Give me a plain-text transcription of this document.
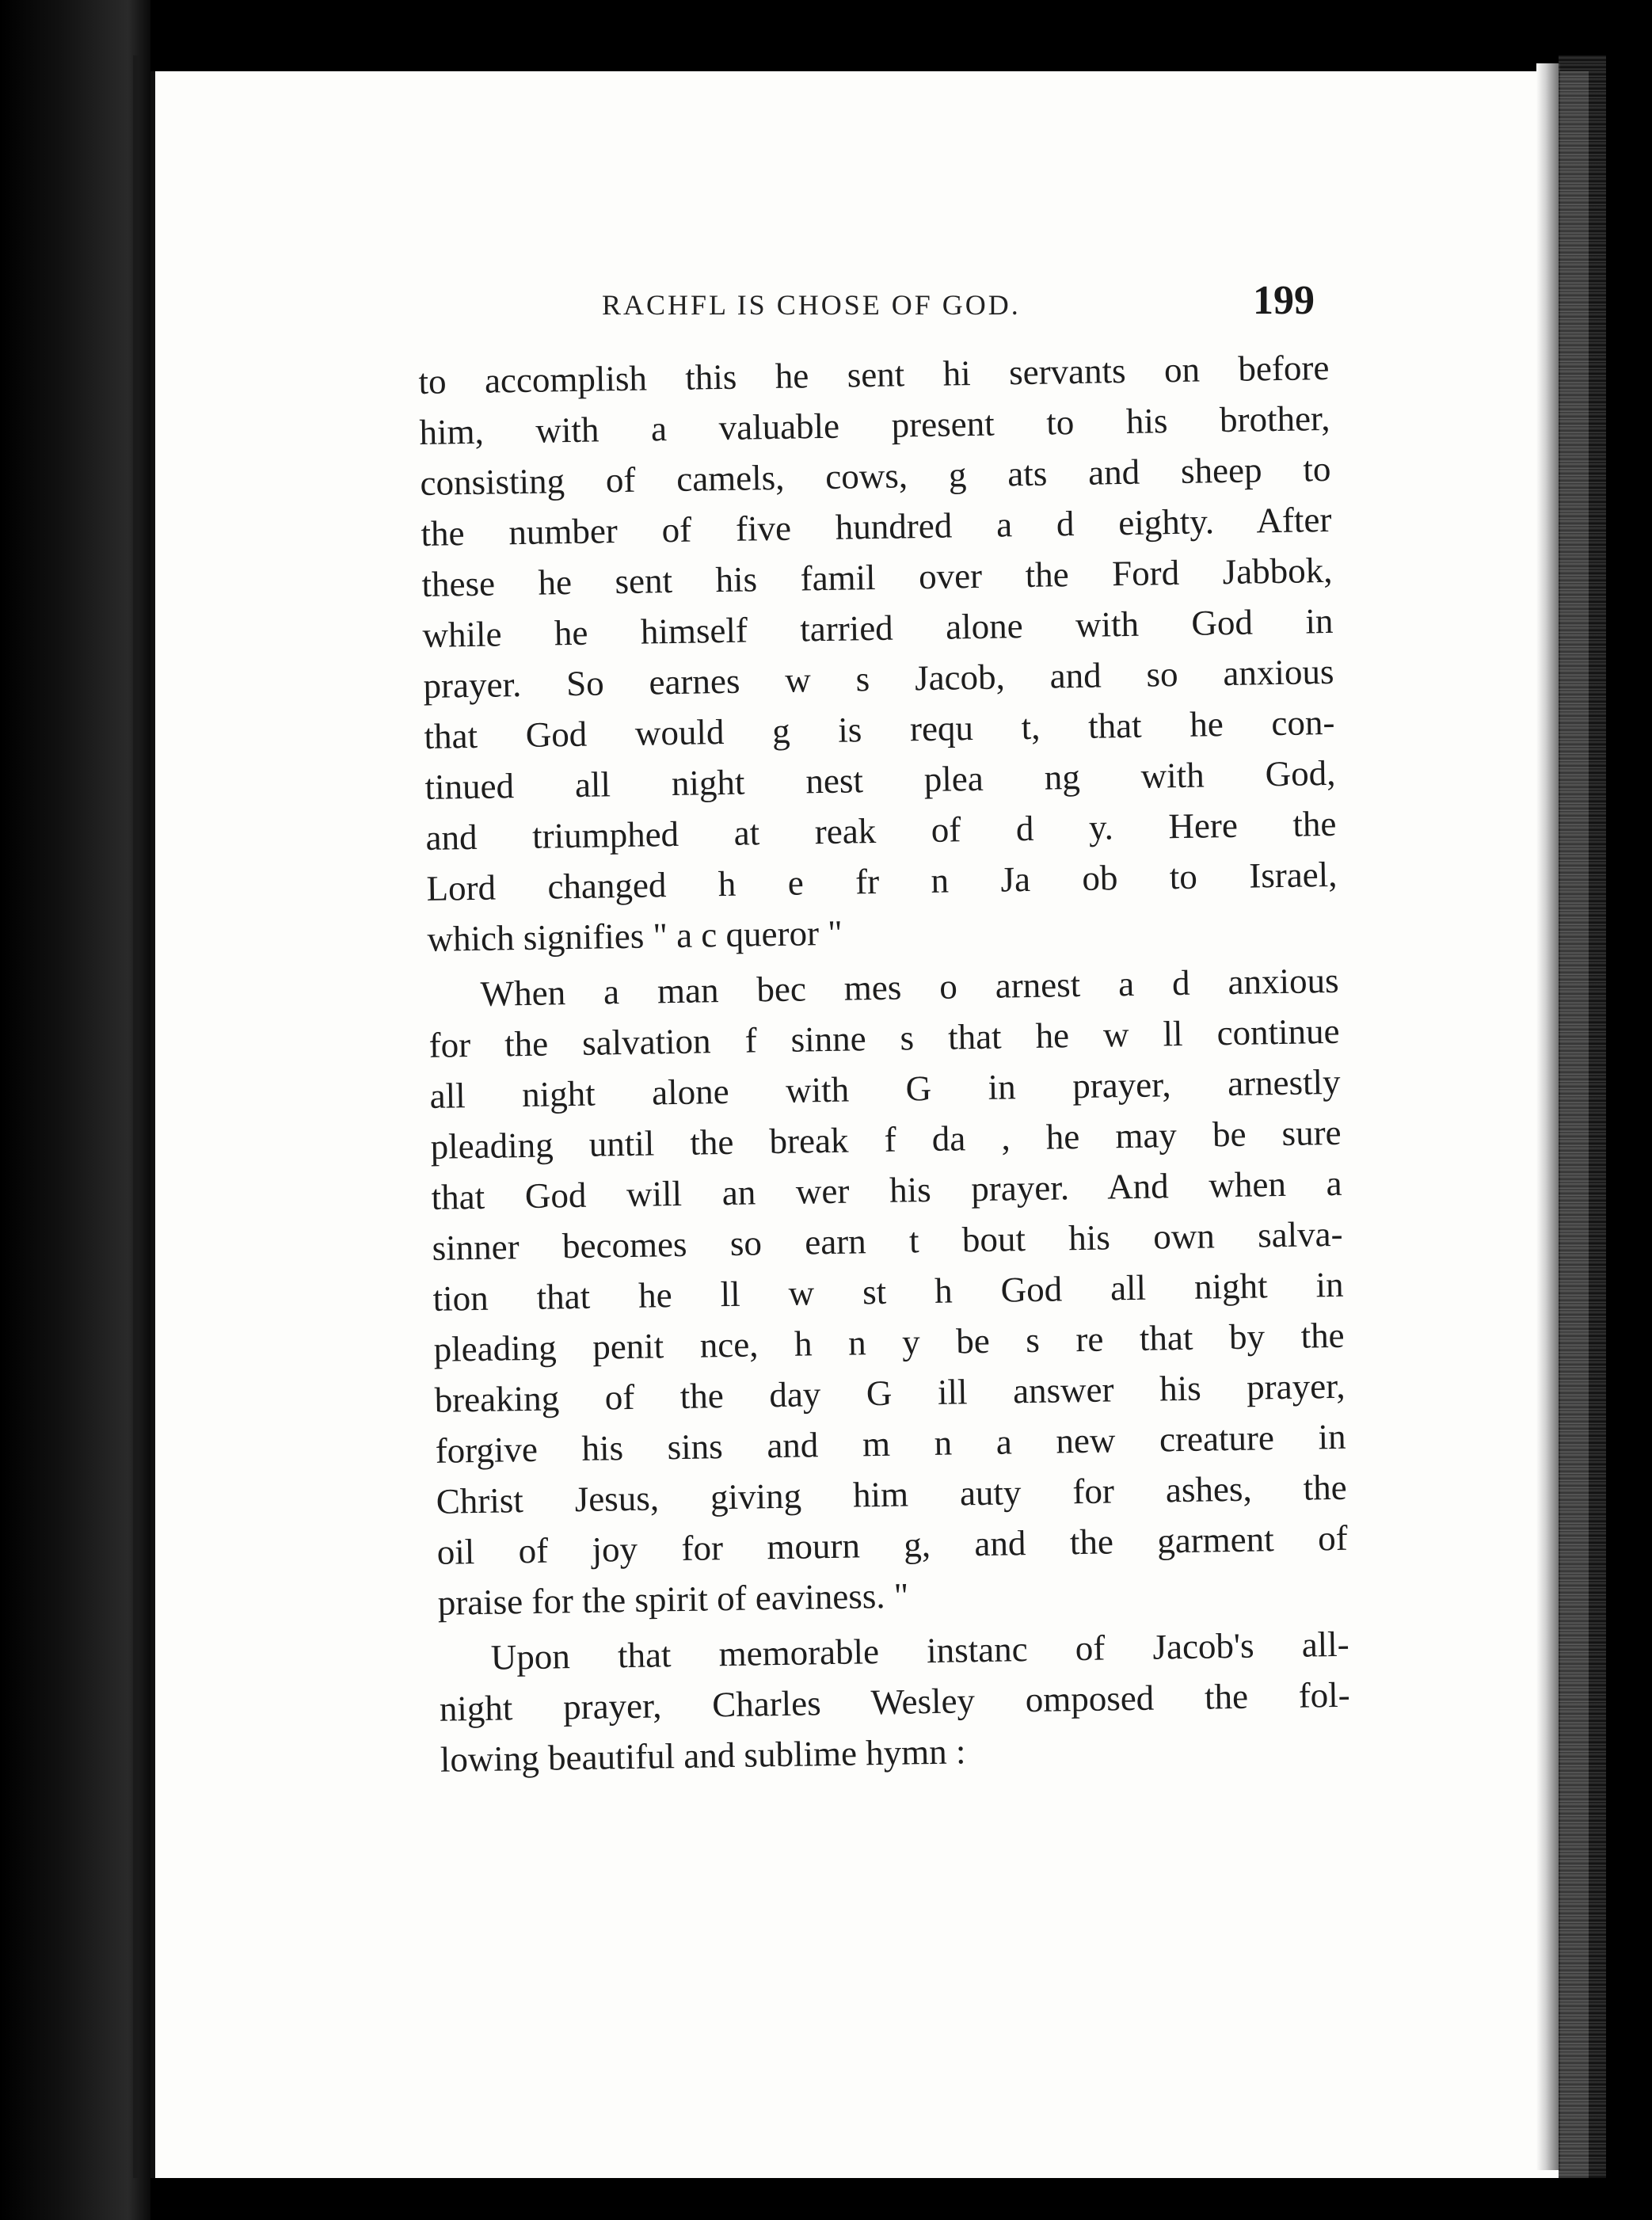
RACHFL IS CHOSE OF GOD.	199
to accomplish this he sent hi servants on before
him, with a valuable present to his brother,
consisting of camels, cows, g ats and sheep to
the number of five hundred a d eighty. After
these he sent his famil over the Ford Jabbok,
while he himself tarried alone with God in
prayer. So earnes w s Jacob, and so anxious
that God would g is requ t, that he con-
tinued all night nest plea ng with God,
and triumphed at reak of d y. Here the
Lord changed h e fr n Ja ob to Israel,
which signifies " a c queror "
When a man bec mes o arnest a d anxious
for the salvation f sinne s that he w ll continue
all night alone with G in prayer, arnestly
pleading until the break f da , he may be sure
that God will an wer his prayer. And when a
sinner becomes so earn t bout his own salva-
tion that he ll w st h God all night in
pleading penit nce, h n y be s re that by the
breaking of the day G ill answer his prayer,
forgive his sins and m n a new creature in
Christ Jesus, giving him auty for ashes, the
oil of joy for mourn g, and the garment of
praise for the spirit of eaviness. "
Upon that memorable instanc of Jacob's all-
night prayer, Charles Wesley omposed the fol-
lowing beautiful and sublime hymn :
